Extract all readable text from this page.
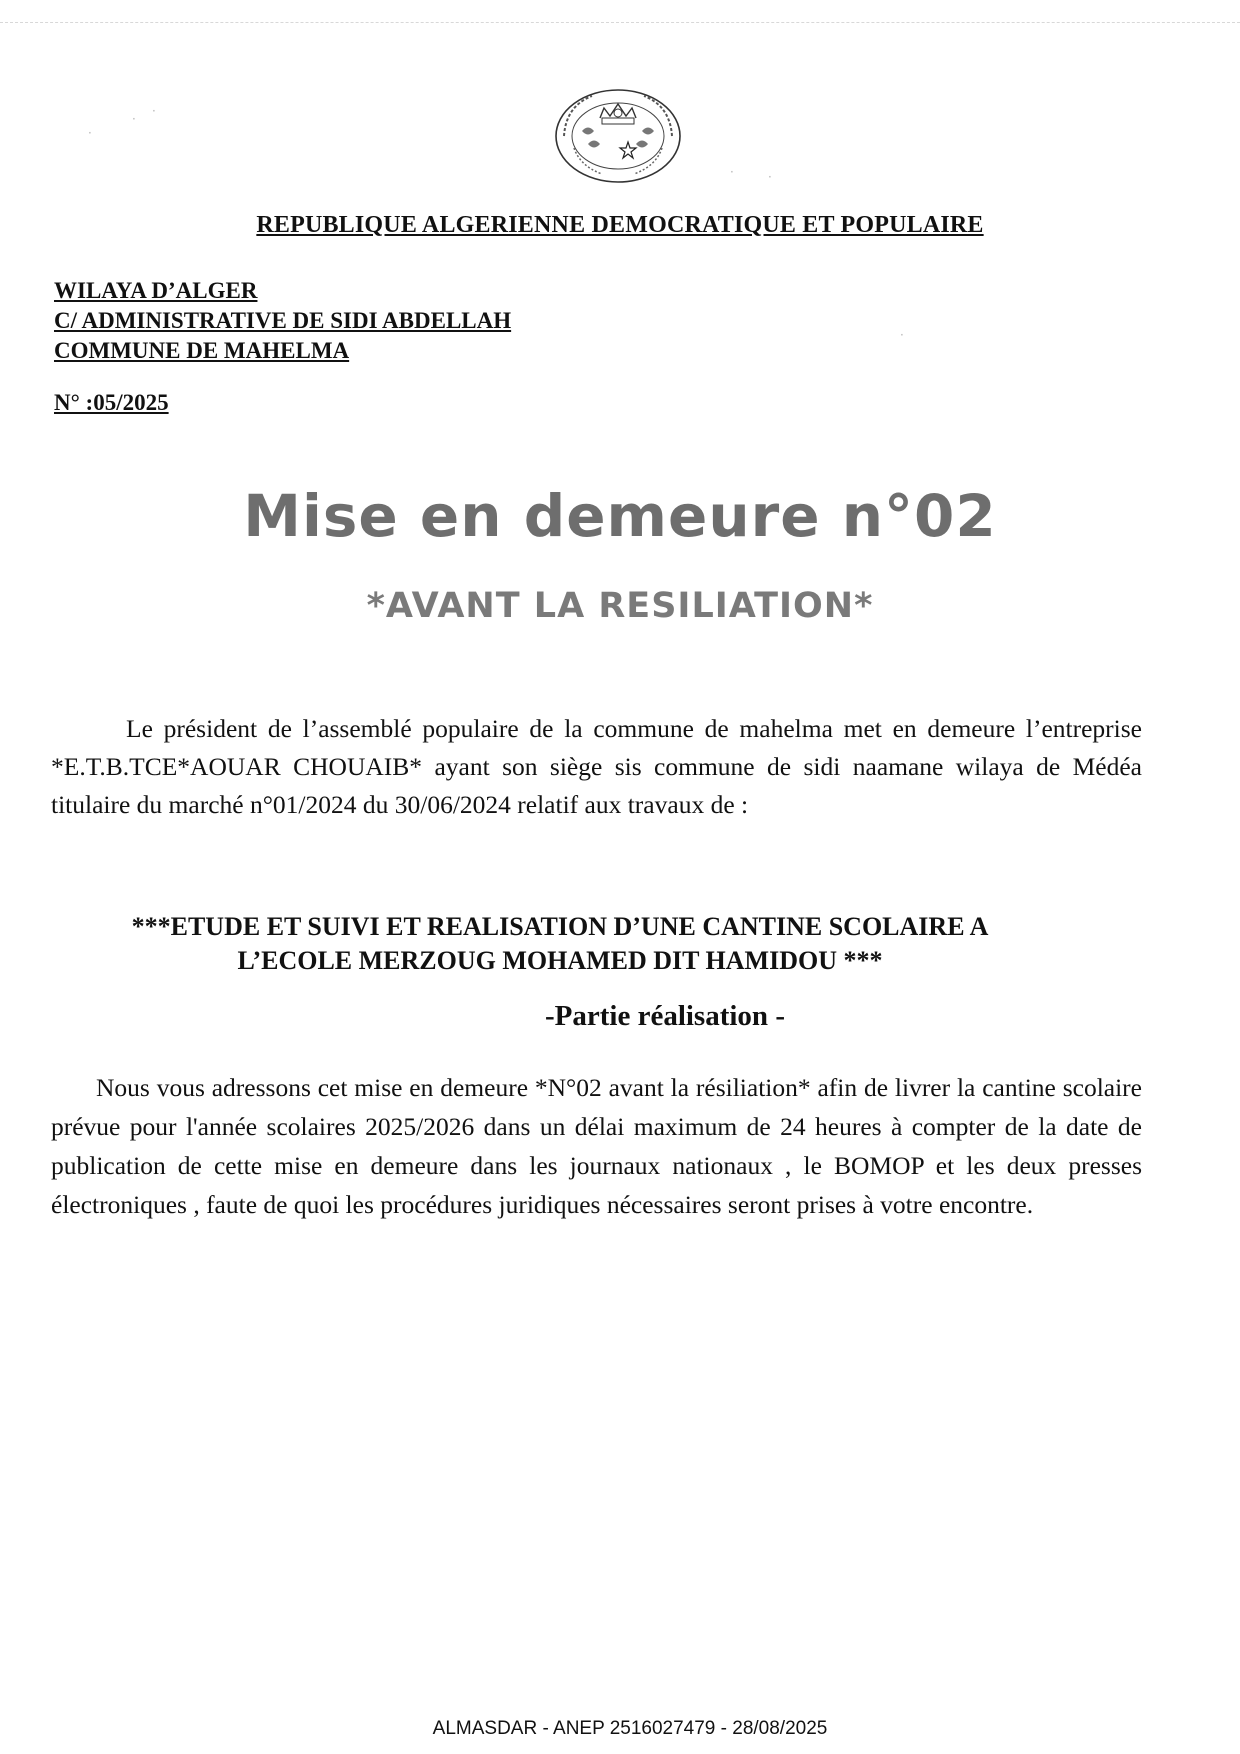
·
·
·
·	·
·
REPUBLIQUE ALGERIENNE DEMOCRATIQUE ET POPULAIRE
WILAYA D’ALGER
C/ ADMINISTRATIVE DE SIDI ABDELLAH
COMMUNE DE MAHELMA
N° :05/2025
Mise en demeure n°02
*AVANT LA RESILIATION*

Le président de l’assemblé populaire de la commune de mahelma met en demeure l’entreprise *E.T.B.TCE*AOUAR CHOUAIB* ayant son siège sis commune de sidi naamane wilaya de Médéa titulaire du marché n°01/2024 du 30/06/2024 relatif aux travaux de :

***ETUDE ET SUIVI ET REALISATION D’UNE CANTINE SCOLAIRE A
L’ECOLE MERZOUG MOHAMED DIT HAMIDOU ***
-Partie réalisation -

Nous vous adressons cet mise en demeure *N°02 avant la résiliation* afin de livrer la cantine scolaire prévue pour l'année scolaires 2025/2026 dans un délai maximum de 24 heures à compter de la date de publication de cette mise en demeure dans les journaux nationaux , le BOMOP et les deux presses électroniques , faute de quoi les procédures juridiques nécessaires seront prises à votre encontre.

ALMASDAR - ANEP 2516027479 - 28/08/2025
